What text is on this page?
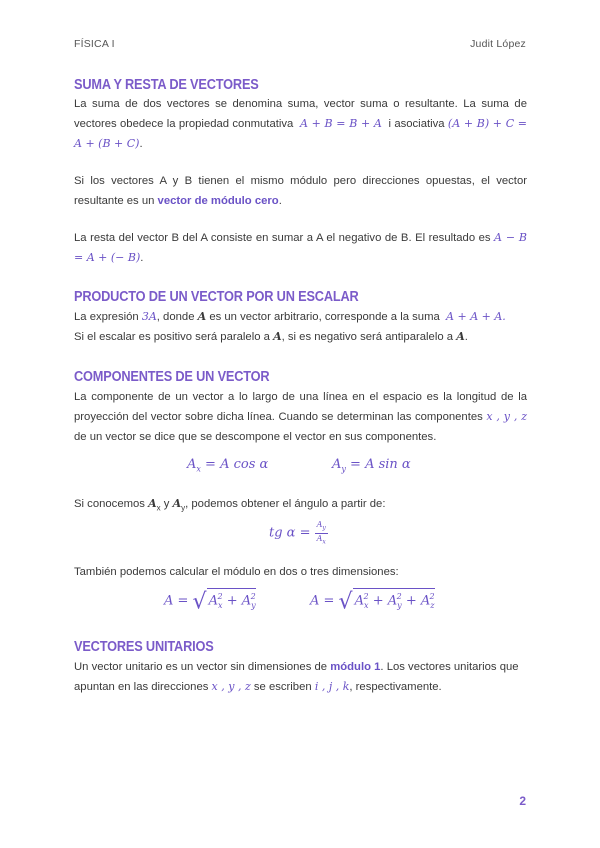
FÍSICA I	Judit López
SUMA Y RESTA DE VECTORES
La suma de dos vectores se denomina suma, vector suma o resultante. La suma de vectores obedece la propiedad conmutativa A + B = B + A i asociativa (A + B) + C = A + (B + C).
Si los vectores A y B tienen el mismo módulo pero direcciones opuestas, el vector resultante es un vector de módulo cero.
La resta del vector B del A consiste en sumar a A el negativo de B. El resultado es A − B = A + (− B).
PRODUCTO DE UN VECTOR POR UN ESCALAR
La expresión 3A, donde A es un vector arbitrario, corresponde a la suma A + A + A.
Si el escalar es positivo será paralelo a A, si es negativo será antiparalelo a A.
COMPONENTES DE UN VECTOR
La componente de un vector a lo largo de una línea en el espacio es la longitud de la proyección del vector sobre dicha línea. Cuando se determinan las componentes x , y , z de un vector se dice que se descompone el vector en sus componentes.
$A_x = A$ cos α	$A_y = A$ sin α
Si conocemos $A_x$ y $A_y$, podemos obtener el ángulo a partir de:
tg $\alpha = \frac{A_y}{A_x}$
También podemos calcular el módulo en dos o tres dimensiones:
A = √ $A_x^2 + A_y^2$	A = √ $A_x^2 + A_y^2 + A_z^2$
VECTORES UNITARIOS
Un vector unitario es un vector sin dimensiones de módulo 1. Los vectores unitarios que apuntan en las direcciones x , y , z se escriben i , j , k, respectivamente.
2
